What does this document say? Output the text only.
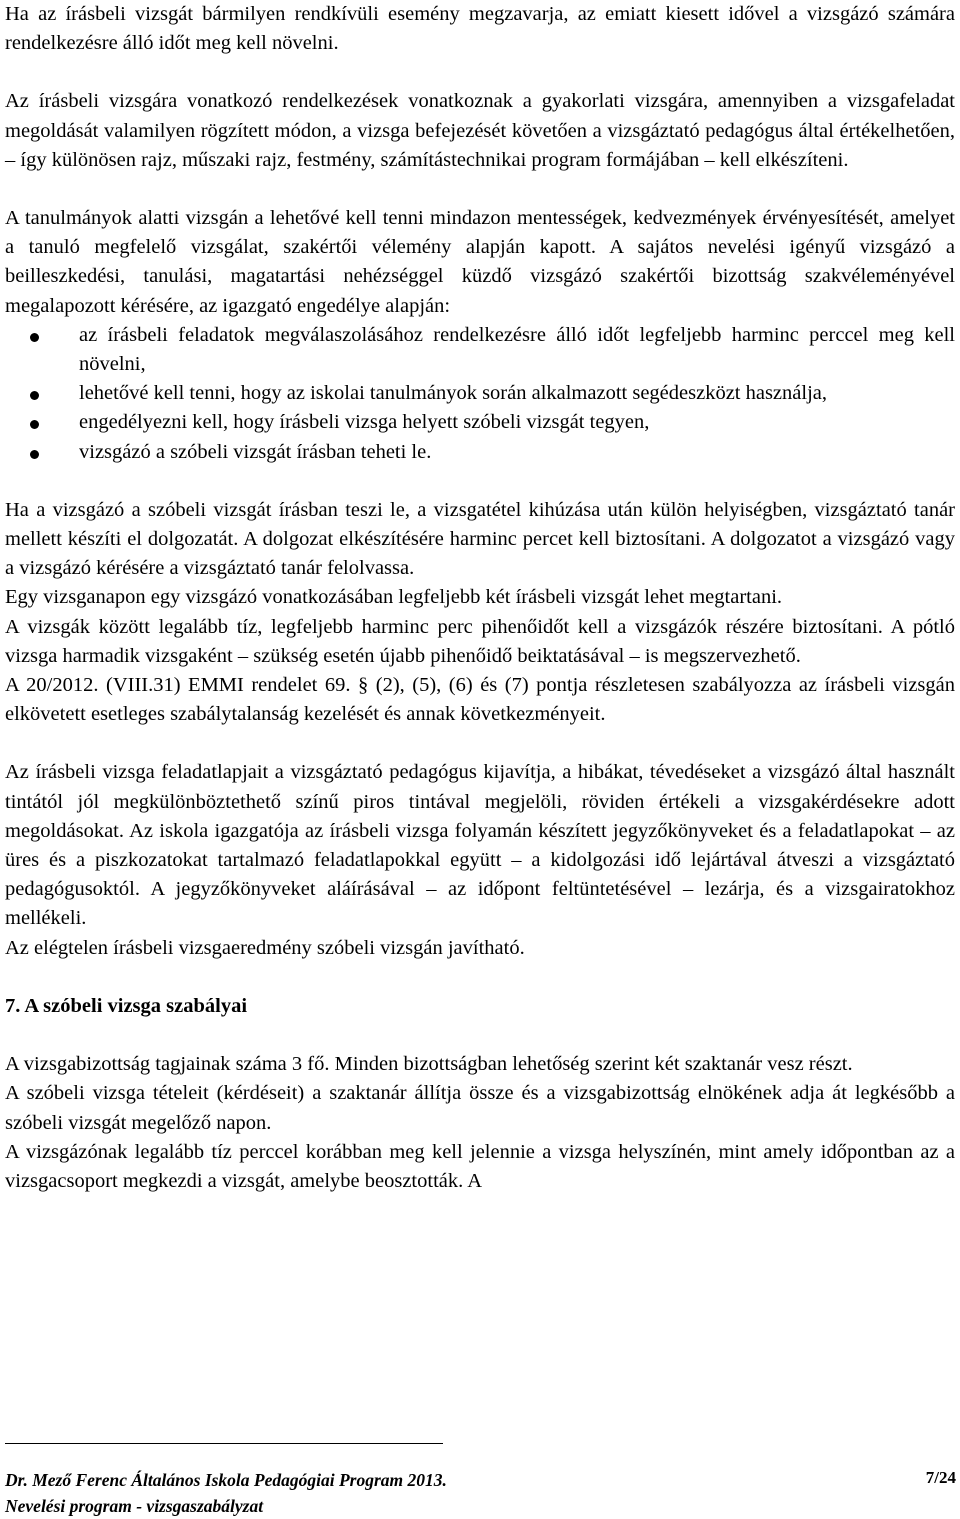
Ha az írásbeli vizsgát bármilyen rendkívüli esemény megzavarja, az emiatt kiesett idővel a vizsgázó számára rendelkezésre álló időt meg kell növelni.

Az írásbeli vizsgára vonatkozó rendelkezések vonatkoznak a gyakorlati vizsgára, amennyiben a vizsgafeladat megoldását valamilyen rögzített módon, a vizsga befejezését követően a vizsgáztató pedagógus által értékelhetően, – így különösen rajz, műszaki rajz, festmény, számítástechnikai program formájában – kell elkészíteni.

A tanulmányok alatti vizsgán a lehetővé kell tenni mindazon mentességek, kedvezmények érvényesítését, amelyet a tanuló megfelelő vizsgálat, szakértői vélemény alapján kapott. A sajátos nevelési igényű vizsgázó a beilleszkedési, tanulási, magatartási nehézséggel küzdő vizsgázó szakértői bizottság szakvéleményével megalapozott kérésére, az igazgató engedélye alapján:

az írásbeli feladatok megválaszolásához rendelkezésre álló időt legfeljebb harminc perccel meg kell növelni,
lehetővé kell tenni, hogy az iskolai tanulmányok során alkalmazott segédeszközt használja,
engedélyezni kell, hogy írásbeli vizsga helyett szóbeli vizsgát tegyen,
vizsgázó a szóbeli vizsgát írásban teheti le.

Ha a vizsgázó a szóbeli vizsgát írásban teszi le, a vizsgatétel kihúzása után külön helyiségben, vizsgáztató tanár mellett készíti el dolgozatát. A dolgozat elkészítésére harminc percet kell biztosítani. A dolgozatot a vizsgázó vagy a vizsgázó kérésére a vizsgáztató tanár felolvassa.

Egy vizsganapon egy vizsgázó vonatkozásában legfeljebb két írásbeli vizsgát lehet megtartani.

A vizsgák között legalább tíz, legfeljebb harminc perc pihenőidőt kell a vizsgázók részére biztosítani. A pótló vizsga harmadik vizsgaként – szükség esetén újabb pihenőidő beiktatásával – is megszervezhető.

A 20/2012. (VIII.31) EMMI rendelet 69. § (2), (5), (6) és (7) pontja részletesen szabályozza az írásbeli vizsgán elkövetett esetleges szabálytalanság kezelését és annak következményeit.

Az írásbeli vizsga feladatlapjait a vizsgáztató pedagógus kijavítja, a hibákat, tévedéseket a vizsgázó által használt tintától jól megkülönböztethető színű piros tintával megjelöli, röviden értékeli a vizsgakérdésekre adott megoldásokat. Az iskola igazgatója az írásbeli vizsga folyamán készített jegyzőkönyveket és a feladatlapokat – az üres és a piszkozatokat tartalmazó feladatlapokkal együtt – a kidolgozási idő lejártával átveszi a vizsgáztató pedagógusoktól. A jegyzőkönyveket aláírásával – az időpont feltüntetésével – lezárja, és a vizsgairatokhoz mellékeli.

Az elégtelen írásbeli vizsgaeredmény szóbeli vizsgán javítható.

7. A szóbeli vizsga szabályai

A vizsgabizottság tagjainak száma 3 fő. Minden bizottságban lehetőség szerint két szaktanár vesz részt.

A szóbeli vizsga tételeit (kérdéseit) a szaktanár állítja össze és a vizsgabizottság elnökének adja át legkésőbb a szóbeli vizsgát megelőző napon.

A vizsgázónak legalább tíz perccel korábban meg kell jelennie a vizsga helyszínén, mint amely időpontban az a vizsgacsoport megkezdi a vizsgát, amelybe beosztották. A

7/24
Dr. Mező Ferenc Általános Iskola Pedagógiai Program 2013.
Nevelési program - vizsgaszabályzat
